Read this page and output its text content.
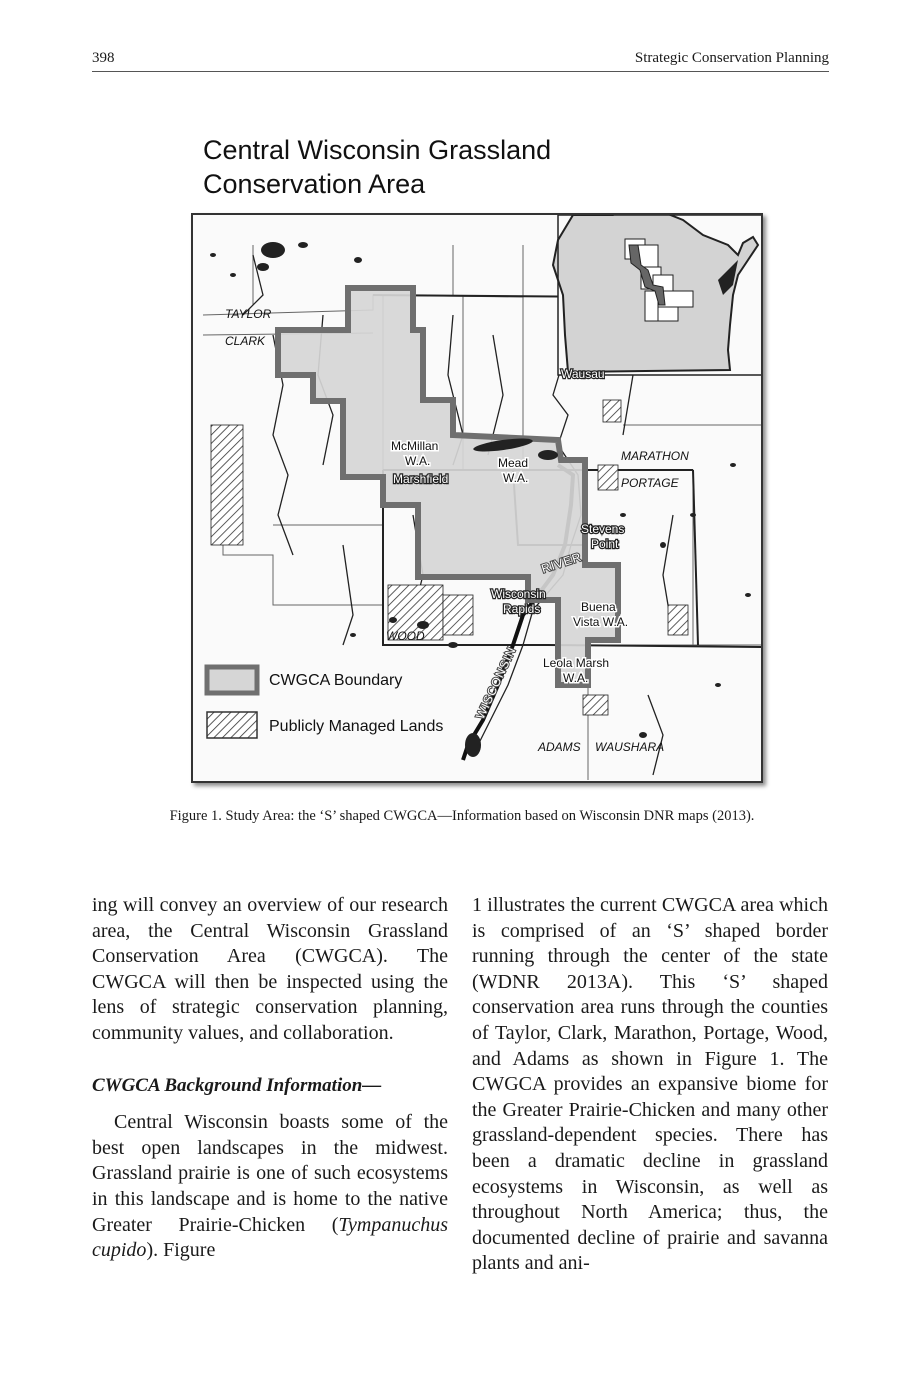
398	Strategic Conservation Planning
Central Wisconsin Grassland
Conservation Area
TAYLOR
CLARK
MARATHON
PORTAGE
WOOD
ADAMS WAUSHARA
Wausau
Marshfield
Stevens
Point
Wisconsin
Rapids
McMillan
W.A.	Mead
W.A.
Buena
Vista W.A.
Leola Marsh
W.A.
RIVER
WISCONSIN
CWGCA Boundary
Publicly Managed Lands
Figure 1. Study Area: the ‘S’ shaped CWGCA—Information based on Wisconsin DNR maps (2013).

ing will convey an overview of our research area, the Central Wisconsin Grassland Conservation Area (CWGCA). The CWGCA will then be inspected using the lens of strategic conservation planning, community values, and collaboration.

CWGCA Background Information—

Central Wisconsin boasts some of the best open landscapes in the midwest. Grassland prairie is one of such ecosystems in this landscape and is home to the native Greater Prairie-Chicken (Tympanuchus cupido). Figure

1 illustrates the current CWGCA area which is comprised of an ‘S’ shaped border running through the center of the state (WDNR 2013A). This ‘S’ shaped conservation area runs through the counties of Taylor, Clark, Marathon, Portage, Wood, and Adams as shown in Figure 1. The CWGCA provides an expansive biome for the Greater Prairie-Chicken and many other grassland-dependent species. There has been a dramatic decline in grassland ecosystems in Wisconsin, as well as throughout North America; thus, the documented decline of prairie and savanna plants and ani-
